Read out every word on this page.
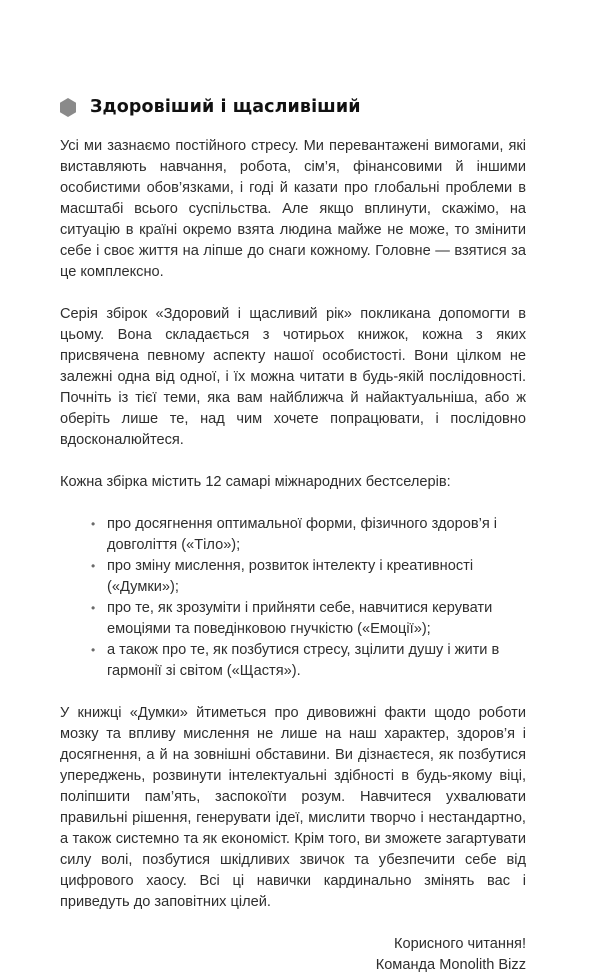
Здоровіший і щасливіший

Усі ми зазнаємо постійного стресу. Ми перевантажені вимогами, які виставляють навчання, робота, сім’я, фінансовими й іншими особистими обов’язками, і годі й казати про глобальні проблеми в масштабі всього суспільства. Але якщо вплинути, скажімо, на ситуацію в країні окремо взята людина майже не може, то змінити себе і своє життя на ліпше до снаги кожному. Головне — взятися за це комплексно.

Серія збірок «Здоровий і щасливий рік» покликана допомогти в цьому. Вона складається з чотирьох книжок, кожна з яких присвячена певному аспекту нашої особистості. Вони цілком не залежні одна від одної, і їх можна читати в будь-якій послідовності. Почніть із тієї теми, яка вам найближча й найактуальніша, або ж оберіть лише те, над чим хочете попрацювати, і послідовно вдосконалюйтеся.

Кожна збірка містить 12 самарі міжнародних бестселерів:

• про досягнення оптимальної форми, фізичного здоров’я і довголіття («Тіло»);
• про зміну мислення, розвиток інтелекту і креативності («Думки»);
• про те, як зрозуміти і прийняти себе, навчитися керувати емоціями та поведінковою гнучкістю («Емоції»);
• а також про те, як позбутися стресу, зцілити душу і жити в гармонії зі світом («Щастя»).

У книжці «Думки» йтиметься про дивовижні факти щодо роботи мозку та впливу мислення не лише на наш характер, здоров’я і досягнення, а й на зовнішні обставини. Ви дізнаєтеся, як позбутися упереджень, розвинути інтелектуальні здібності в будь-якому віці, поліпшити пам’ять, заспокоїти розум. Навчитеся ухвалювати правильні рішення, генерувати ідеї, мислити творчо і нестандартно, а також системно та як економіст. Крім того, ви зможете загартувати силу волі, позбутися шкідливих звичок та убезпечити себе від цифрового хаосу. Всі ці навички кардинально змінять вас і приведуть до заповітних цілей.

Корисного читання!
Команда Monolith Bizz
